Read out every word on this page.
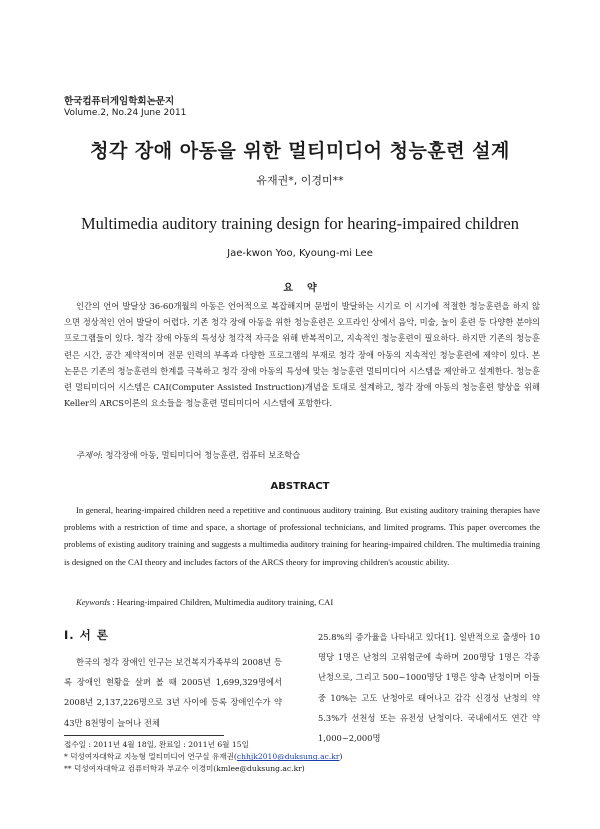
한국컴퓨터게임학회논문지
Volume.2, No.24 June 2011
청각 장애 아동을 위한 멀티미디어 청능훈련 설계
유재권*, 이경미**
Multimedia auditory training design for hearing-impaired children
Jae-kwon Yoo, Kyoung-mi Lee
요    약

인간의 언어 발달상 36-60개월의 아동은 언어적으로 복잡해지며 문법이 발달하는 시기로 이 시기에 적절한 청능훈련을 하지 않으면 정상적인 언어 발달이 어렵다. 기존 청각 장애 아동을 위한 청능훈련은 오프라인 상에서 음악, 미술, 놀이 훈련 등 다양한 분야의 프로그램들이 있다. 청각 장애 아동의 특성상 청각적 자극을 위해 반복적이고, 지속적인 청능훈련이 필요하다. 하지만 기존의 청능훈련은 시간, 공간 제약적이며 전문 인력의 부족과 다양한 프로그램의 부재로 청각 장애 아동의 지속적인 청능훈련에 제약이 있다. 본 논문은 기존의 청능훈련의 한계를 극복하고 청각 장애 아동의 특성에 맞는 청능훈련 멀티미디어 시스템을 제안하고 설계한다. 청능훈련 멀티미디어 시스템은 CAI(Computer Assisted Instruction)개념을 토대로 설계하고, 청각 장애 아동의 청능훈련 향상을 위해 Keller의 ARCS이론의 요소들을 청능훈련 멀티미디어 시스템에 포함한다.

주제어: 청각장애 아동, 멀티미디어 청능훈련, 컴퓨터 보조학습
ABSTRACT

In general, hearing-impaired children need a repetitive and continuous auditory training. But existing auditory training therapies have problems with a restriction of time and space, a shortage of professional technicians, and limited programs. This paper overcomes the problems of existing auditory training and suggests a multimedia auditory training for hearing-impaired children. The multimedia training is designed on the CAI theory and includes factors of the ARCS theory for improving children's acoustic ability.

Keywords : Hearing-impaired Children, Multimedia auditory training, CAI
Ⅰ. 서 론

한국의 청각 장애인 인구는 보건복지가족부의 2008년 등록 장애인 현황을 살펴 볼 때 2005년 1,699,329명에서 2008년 2,137,226명으로 3년 사이에 등록 장애인수가 약 43만 8천명이 늘어나 전체

25.8%의 증가율을 나타내고 있다[1]. 일반적으로 출생아 10명당 1명은 난청의 고위험군에 속하며 200명당 1명은 각종 난청으로, 그리고 500~1000명당 1명은 양측 난청이며 이들 중 10%는 고도 난청아로 태어나고 감각 신경성 난청의 약 5.3%가 선천성 또는 유전성 난청이다. 국내에서도 연간 약 1,000~2,000명

접수일 : 2011년 4월 18일, 완료일 : 2011년 6월 15일
* 덕성여자대학교 지능형 멀티미디어 연구실 유재권(chhjk2010@duksung.ac.kr)
** 덕성여자대학교 컴퓨터학과 부교수 이경미(kmlee@duksung.ac.kr)
